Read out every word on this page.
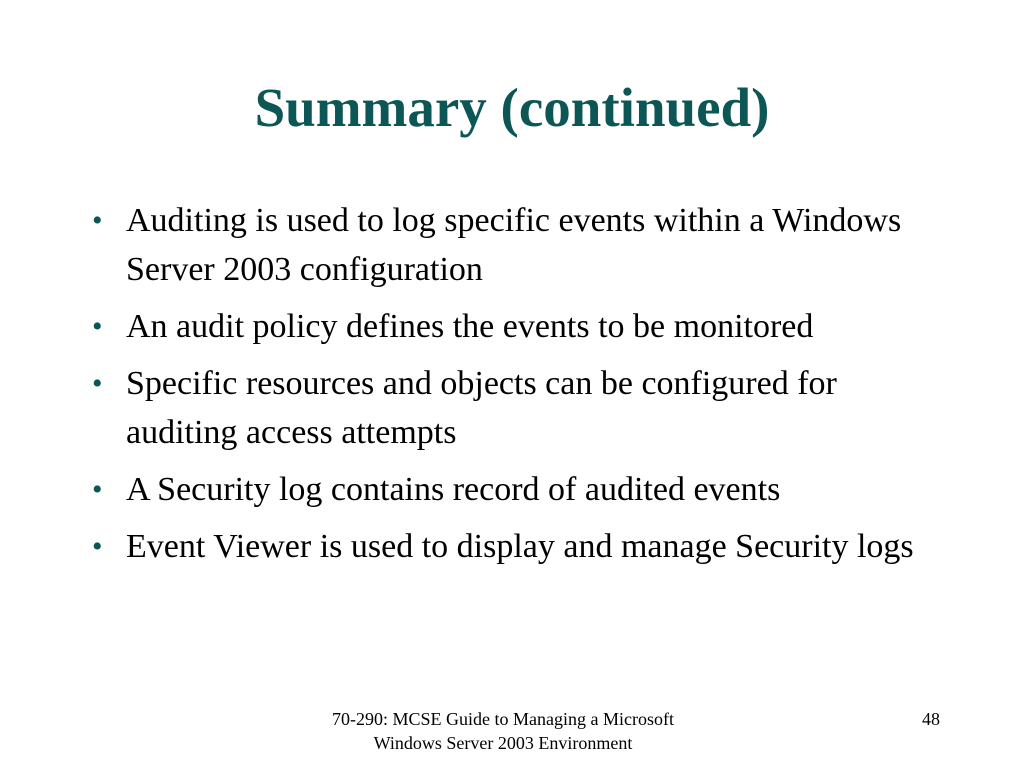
Summary (continued)
• Auditing is used to log specific events within a Windows Server 2003 configuration
• An audit policy defines the events to be monitored
• Specific resources and objects can be configured for auditing access attempts
• A Security log contains record of audited events
• Event Viewer is used to display and manage Security logs
70-290: MCSE Guide to Managing a Microsoft
Windows Server 2003 Environment
48
